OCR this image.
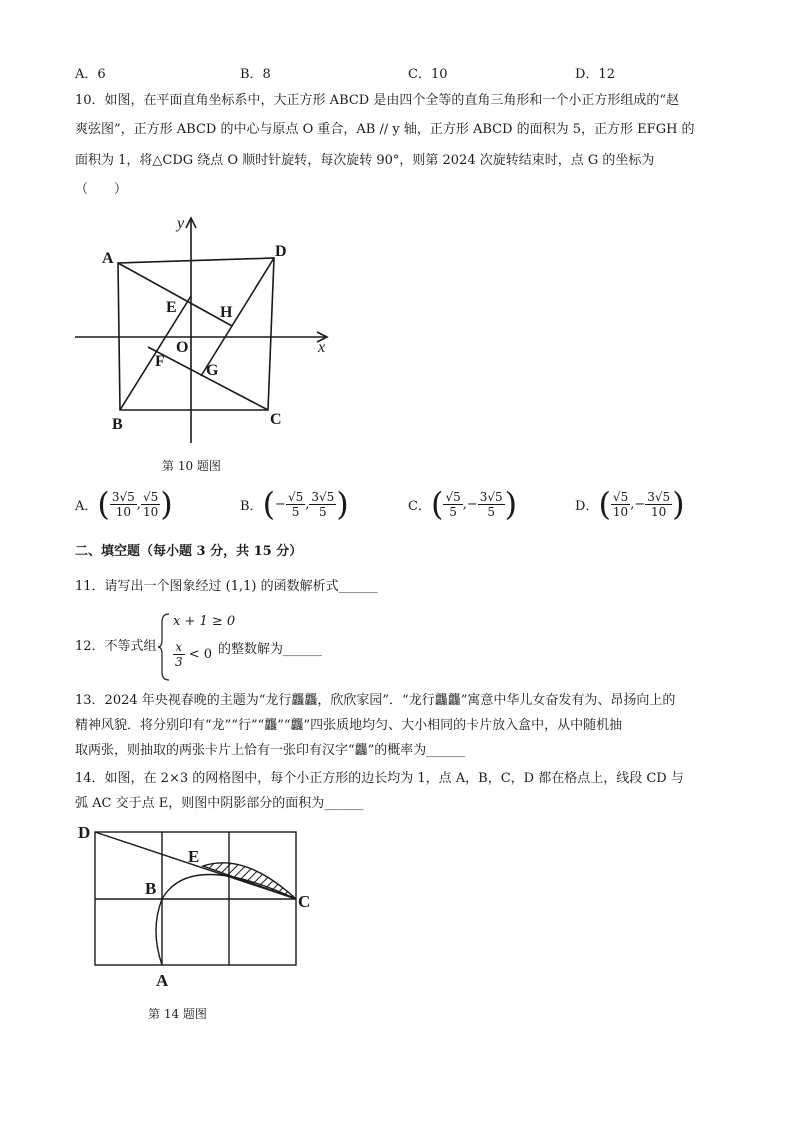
A．6	B．8	C．10	D．12
10．如图，在平面直角坐标系中，大正方形 ABCD 是由四个全等的直角三角形和一个小正方形组成的“赵
爽弦图”，正方形 ABCD 的中心与原点 O 重合，AB // y 轴，正方形 ABCD 的面积为 5，正方形 EFGH 的
面积为 1，将△CDG 绕点 O 顺时针旋转，每次旋转 90°，则第 2024 次旋转结束时，点 G 的坐标为
（　　）
A	D
B	C
E	H
F
O
G
x
y
第 10 题图
A． ( $\frac{3√5}{10}$ , $\frac{√5}{10}$ )	B． ( − $\frac{√5}{5}$ , $\frac{3√5}{5}$ )	C． ( $\frac{√5}{5}$ ,− $\frac{3√5}{5}$ )	D． ( $\frac{√5}{10}$ ,− $\frac{3√5}{10}$ )
二、填空题（每小题 3 分，共 15 分）
11．请写出一个图象经过 (1,1) 的函数解析式______
12．不等式组
x + 1 ≥ 0
$\frac{x}{3} < 0$ 的整数解为______
13．2024 年央视春晚的主题为“龙行龘龘，欣欣家园”．“龙行龘龘”寓意中华儿女奋发有为、昂扬向上的
精神风貌．将分别印有“龙”“行”“龘”“龘”四张质地均匀、大小相同的卡片放入盒中，从中随机抽
取两张，则抽取的两张卡片上恰有一张印有汉字“龘”的概率为______
14．如图，在 2×3 的网格图中，每个小正方形的边长均为 1，点 A，B，C，D 都在格点上，线段 CD 与
弧 AC 交于点 E，则图中阴影部分的面积为______
D
E
B
C
A
第 14 题图
